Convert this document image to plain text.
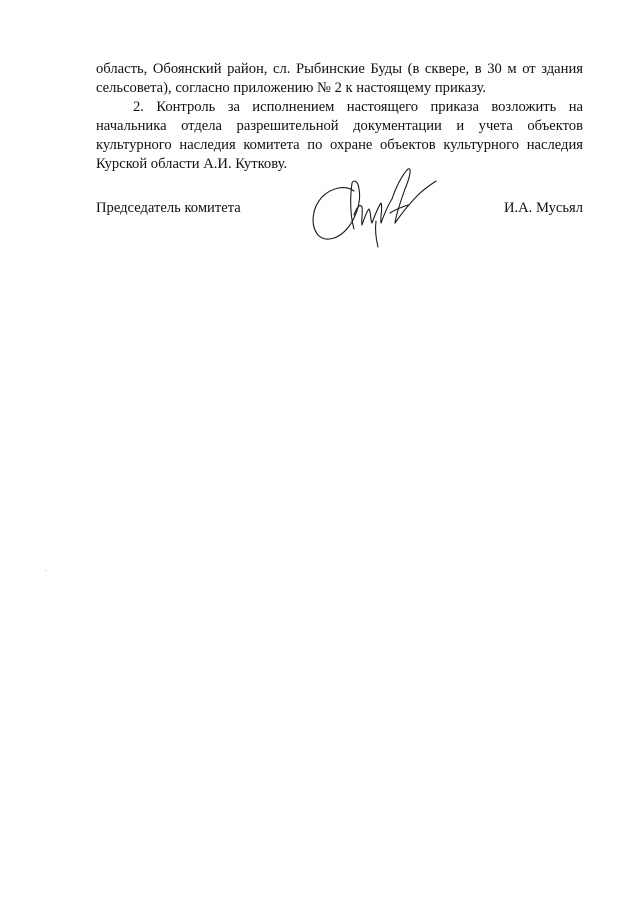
область, Обоянский район, сл. Рыбинские Буды (в сквере, в 30 м от здания
сельсовета), согласно приложению № 2 к настоящему приказу.
2. Контроль за исполнением настоящего приказа возложить на
начальника отдела разрешительной документации и учета объектов
культурного наследия комитета по охране объектов культурного наследия
Курской области А.И. Куткову.
Председатель комитета	И.А. Мусьял
